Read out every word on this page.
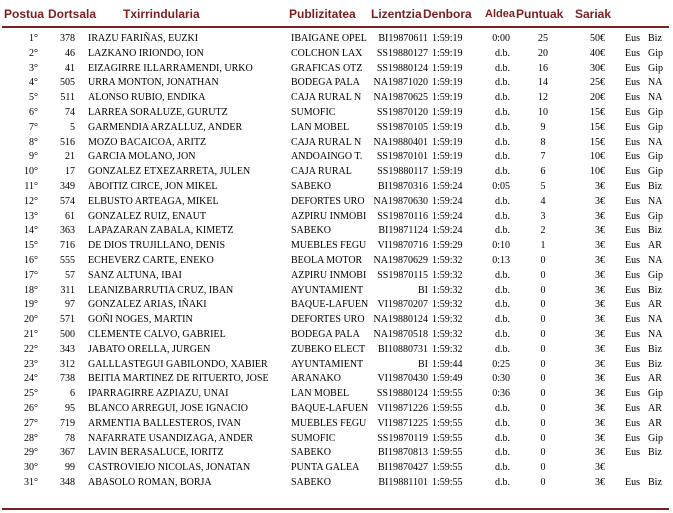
Postua Dortsala Txirrindularia	Publizitatea Lizentzia Denbora Aldea Puntuak Sariak
1°	378 IRAZU FARIÑAS, EUZKI	IBAIGANE OPEL	BI19870611 1:59:19	0:00	25	50€ Eus Biz
2°	46 LAZKANO IRIONDO, ION	COLCHON LAX	SS19880127 1:59:19	d.b.	20	40€ Eus Gip
3°	41 EIZAGIRRE ILLARRAMENDI, URKO	GRAFICAS OTZ	SS19880124 1:59:19	d.b.	16	30€ Eus Gip
4°	505 URRA MONTON, JONATHAN	BODEGA PALA	NA19871020 1:59:19	d.b.	14	25€ Eus NA
5°	511 ALONSO RUBIO, ENDIKA	CAJA RURAL N	NA19870625 1:59:19	d.b.	12	20€ Eus NA
6°	74 LARREA SORALUZE, GURUTZ	SUMOFIC	SS19870120 1:59:19	d.b.	10	15€ Eus Gip
7°	5 GARMENDIA ARZALLUZ, ANDER	LAN MOBEL	SS19870105 1:59:19	d.b.	9	15€ Eus Gip
8°	516 MOZO BACAICOA, ARITZ	CAJA RURAL N	NA19880401 1:59:19	d.b.	8	15€ Eus NA
9°	21 GARCIA MOLANO, JON	ANDOAINGO T.	SS19870101 1:59:19	d.b.	7	10€ Eus Gip
10°	17 GONZALEZ ETXEZARRETA, JULEN	CAJA RURAL	SS19880117 1:59:19	d.b.	6	10€ Eus Gip
11°	349 ABOITIZ CIRCE, JON MIKEL	SABEKO	BI19870316 1:59:24	0:05	5	3€ Eus Biz
12°	574 ELBUSTO ARTEAGA, MIKEL	DEFORTES URO NA19870630 1:59:24	d.b.	4	3€ Eus NA
13°	61 GONZALEZ RUIZ, ENAUT	AZPIRU INMOBI	SS19870116 1:59:24	d.b.	3	3€ Eus Gip
14°	363 LAPAZARAN ZABALA, KIMETZ	SABEKO	BI19871124 1:59:24	d.b.	2	3€ Eus Biz
15°	716 DE DIOS TRUJILLANO, DENIS	MUEBLES FEGU	VI19870716 1:59:29	0:10	1	3€ Eus AR
16°	555 ECHEVERZ CARTE, ENEKO	BEOLA MOTOR	NA19870629 1:59:32	0:13	0	3€ Eus NA
17°	57 SANZ ALTUNA, IBAI	AZPIRU INMOBI	SS19870115 1:59:32	d.b.	0	3€ Eus Gip
18°	311 LEANIZBARRUTIA CRUZ, IBAN	AYUNTAMIENT	BI 1:59:32	d.b.	0	3€ Eus Biz
19°	97 GONZALEZ ARIAS, IÑAKI	BAQUE-LAFUEN VI19870207 1:59:32	d.b.	0	3€ Eus AR
20°	571 GOÑI NOGES, MARTIN	DEFORTES URO NA19880124 1:59:32	d.b.	0	3€ Eus NA
21°	500 CLEMENTE CALVO, GABRIEL	BODEGA PALA	NA19870518 1:59:32	d.b.	0	3€ Eus NA
22°	343 JABATO ORELLA, JURGEN	ZUBEKO ELECT	BI10880731 1:59:32	d.b.	0	3€ Eus Biz
23°	312 GALLLASTEGUI GABILONDO, XABIER	AYUNTAMIENT	BI 1:59:44	0:25	0	3€ Eus Biz
24°	738 BEITIA MARTINEZ DE RITUERTO, JOSE	ARANAKO	VI19870430 1:59:49	0:30	0	3€ Eus AR
25°	6 IPARRAGIRRE AZPIAZU, UNAI	LAN MOBEL	SS19880124 1:59:55	0:36	0	3€ Eus Gip
26°	95 BLANCO ARREGUI, JOSE IGNACIO	BAQUE-LAFUEN VI19871226 1:59:55	d.b.	0	3€ Eus AR
27°	719 ARMENTIA BALLESTEROS, IVAN	MUEBLES FEGU	VI19871225 1:59:55	d.b.	0	3€ Eus AR
28°	78 NAFARRATE USANDIZAGA, ANDER	SUMOFIC	SS19870119 1:59:55	d.b.	0	3€ Eus Gip
29°	367 LAVIN BERASALUCE, IORITZ	SABEKO	BI19870813 1:59:55	d.b.	0	3€ Eus Biz
30°	99 CASTROVIEJO NICOLAS, JONATAN	PUNTA GALEA	BI19870427 1:59:55	d.b.	0	3€
31°	348 ABASOLO ROMAN, BORJA	SABEKO	BI19881101 1:59:55	d.b.	0	3€ Eus Biz
